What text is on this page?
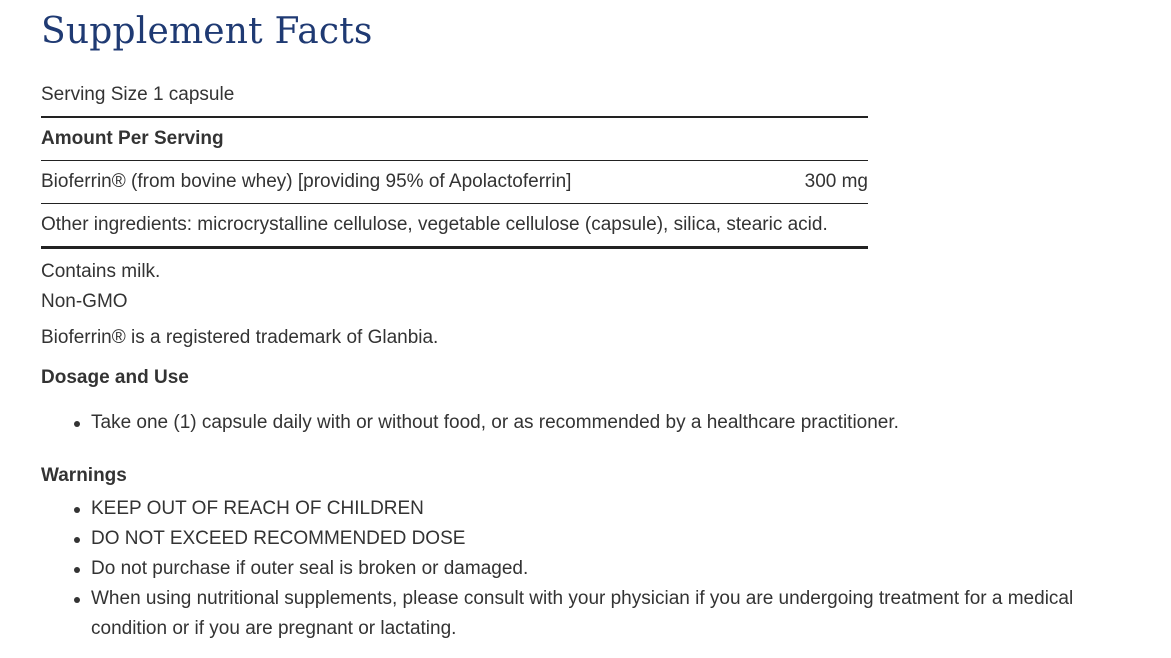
Supplement Facts
Serving Size 1 capsule
Amount Per Serving
Bioferrin® (from bovine whey) [providing 95% of Apolactoferrin]	300 mg
Other ingredients: microcrystalline cellulose, vegetable cellulose (capsule), silica, stearic acid.
Contains milk.
Non-GMO
Bioferrin® is a registered trademark of Glanbia.
Dosage and Use
Take one (1) capsule daily with or without food, or as recommended by a healthcare practitioner.
Warnings
KEEP OUT OF REACH OF CHILDREN
DO NOT EXCEED RECOMMENDED DOSE
Do not purchase if outer seal is broken or damaged.
When using nutritional supplements, please consult with your physician if you are undergoing treatment for a medical condition or if you are pregnant or lactating.
